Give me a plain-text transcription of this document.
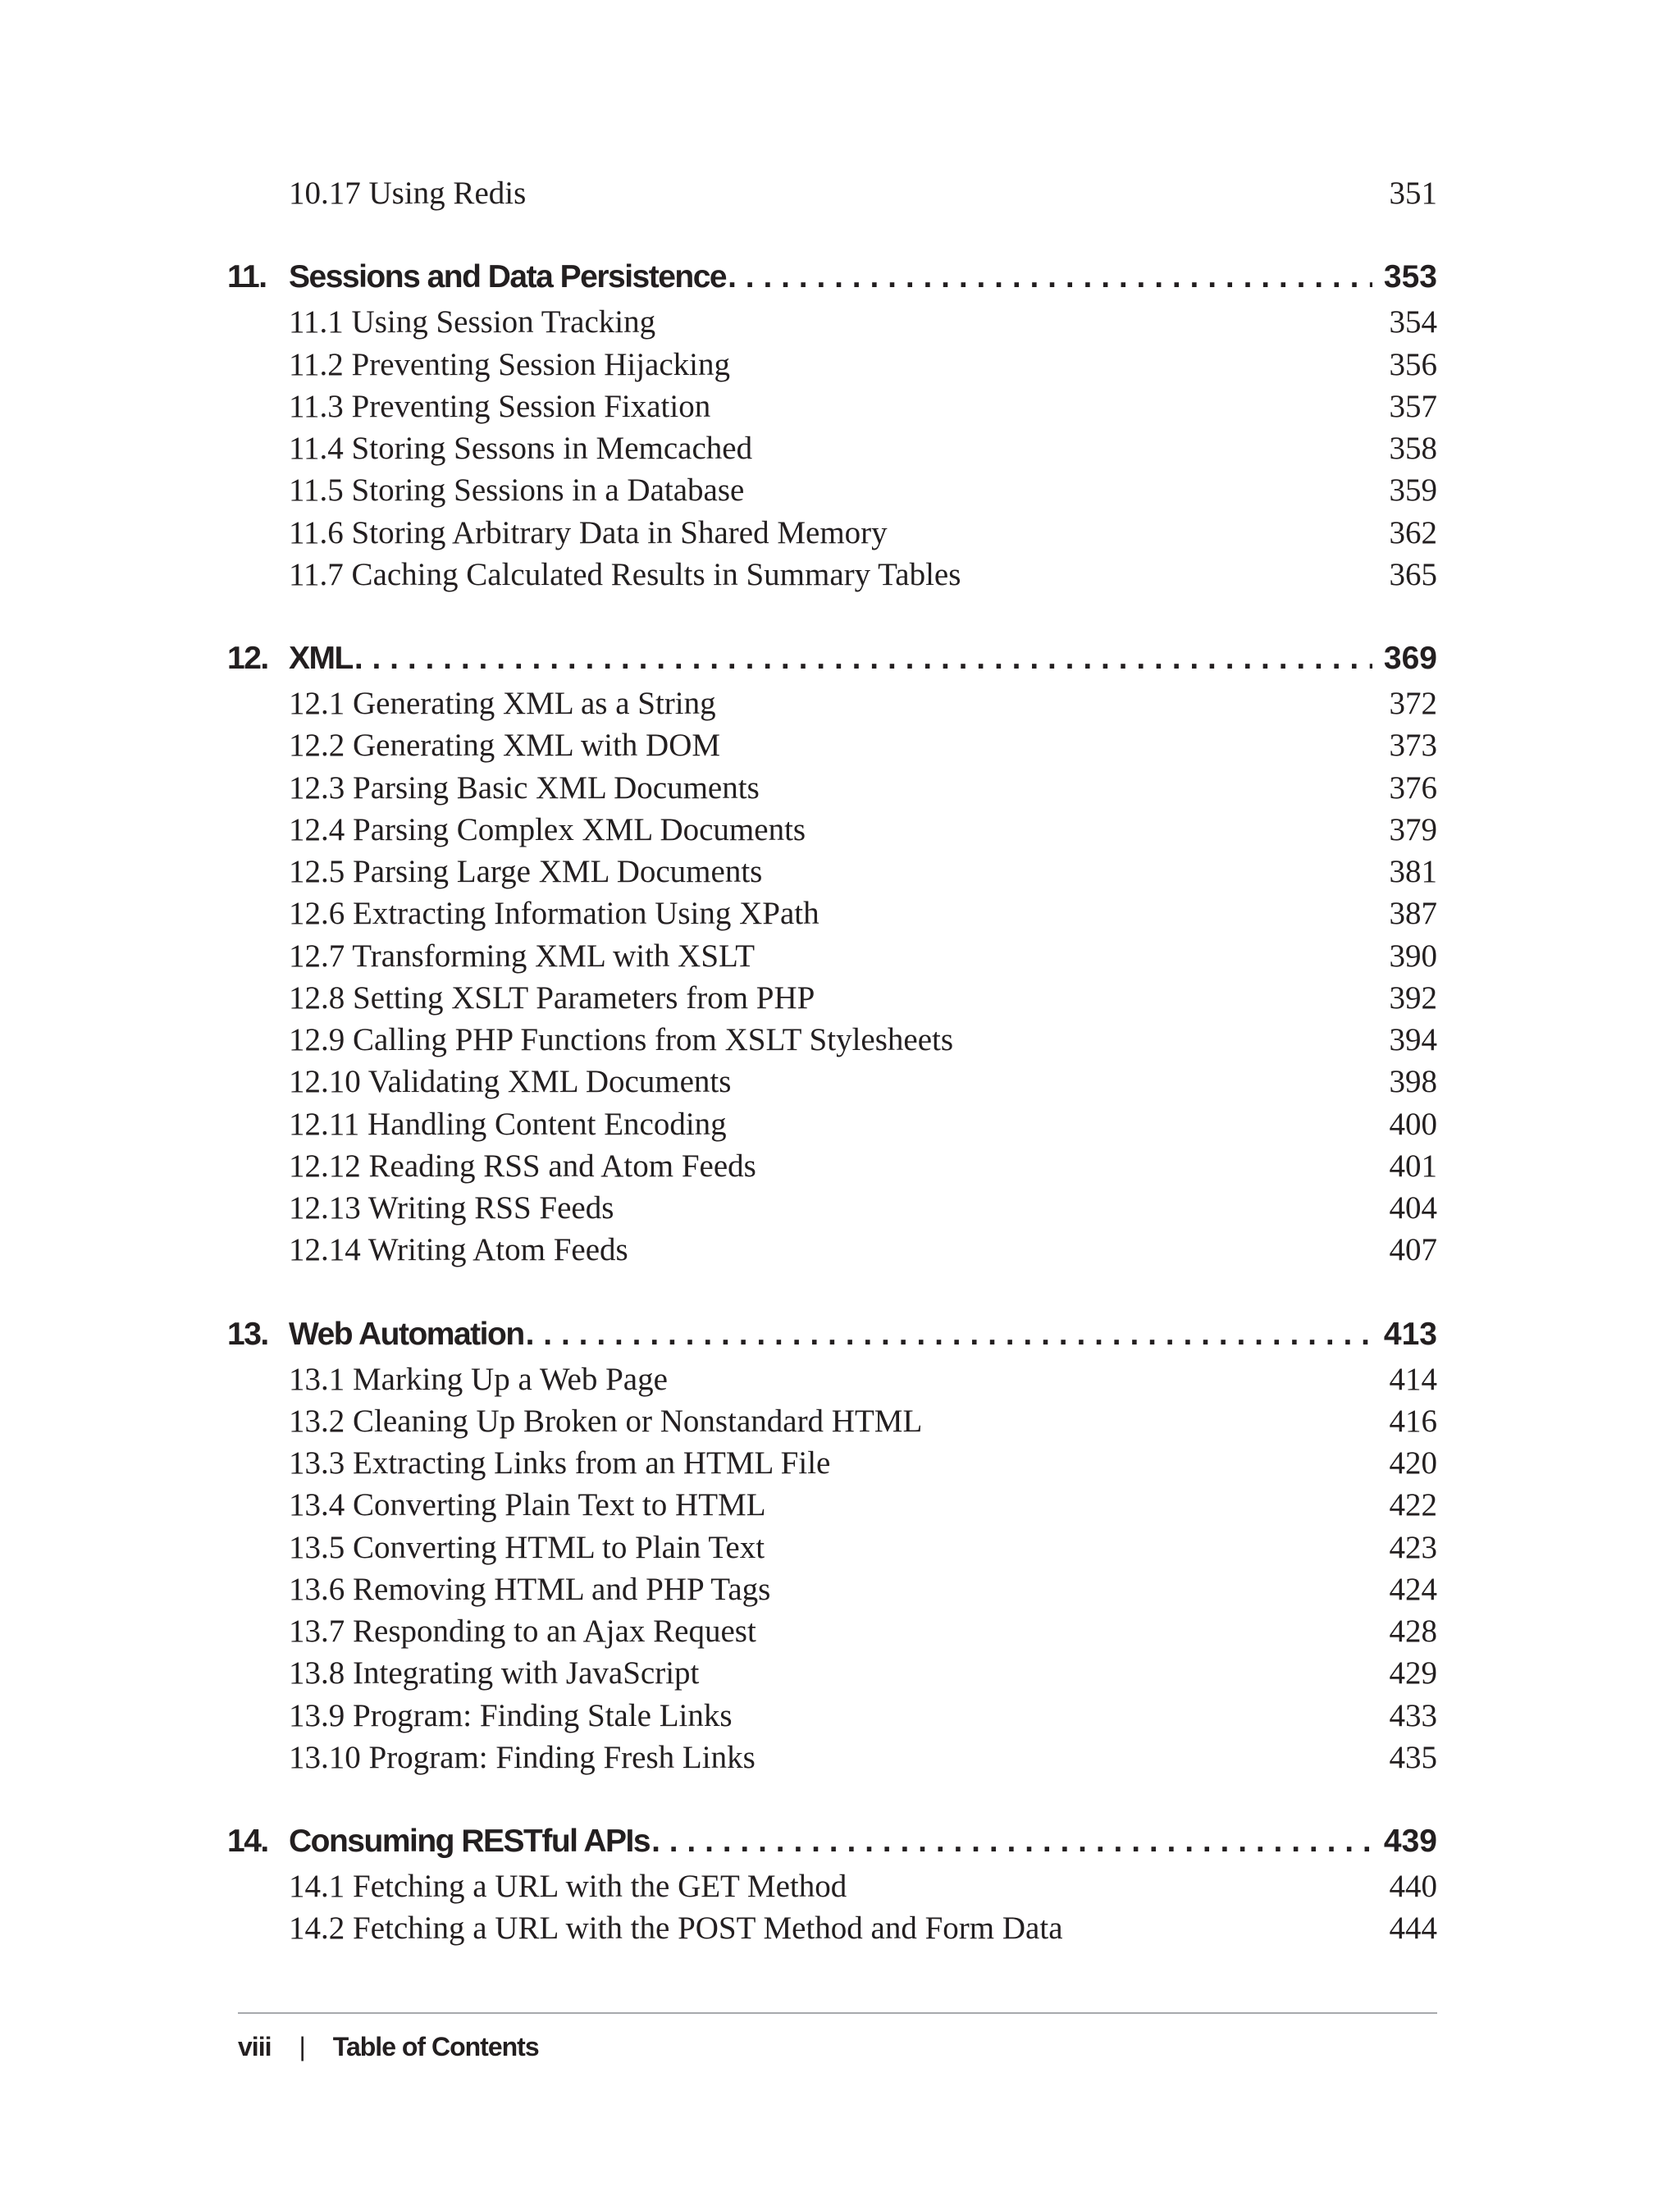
10.17 Using Redis	351
11. Sessions and Data Persistence . . .	353
11.1 Using Session Tracking	354
11.2 Preventing Session Hijacking	356
11.3 Preventing Session Fixation	357
11.4 Storing Sessons in Memcached	358
11.5 Storing Sessions in a Database	359
11.6 Storing Arbitrary Data in Shared Memory	362
11.7 Caching Calculated Results in Summary Tables	365
12. XML . . .	369
12.1 Generating XML as a String	372
12.2 Generating XML with DOM	373
12.3 Parsing Basic XML Documents	376
12.4 Parsing Complex XML Documents	379
12.5 Parsing Large XML Documents	381
12.6 Extracting Information Using XPath	387
12.7 Transforming XML with XSLT	390
12.8 Setting XSLT Parameters from PHP	392
12.9 Calling PHP Functions from XSLT Stylesheets	394
12.10 Validating XML Documents	398
12.11 Handling Content Encoding	400
12.12 Reading RSS and Atom Feeds	401
12.13 Writing RSS Feeds	404
12.14 Writing Atom Feeds	407
13. Web Automation . . .	413
13.1 Marking Up a Web Page	414
13.2 Cleaning Up Broken or Nonstandard HTML	416
13.3 Extracting Links from an HTML File	420
13.4 Converting Plain Text to HTML	422
13.5 Converting HTML to Plain Text	423
13.6 Removing HTML and PHP Tags	424
13.7 Responding to an Ajax Request	428
13.8 Integrating with JavaScript	429
13.9 Program: Finding Stale Links	433
13.10 Program: Finding Fresh Links	435
14. Consuming RESTful APIs . . .	439
14.1 Fetching a URL with the GET Method	440
14.2 Fetching a URL with the POST Method and Form Data	444
viii | Table of Contents
